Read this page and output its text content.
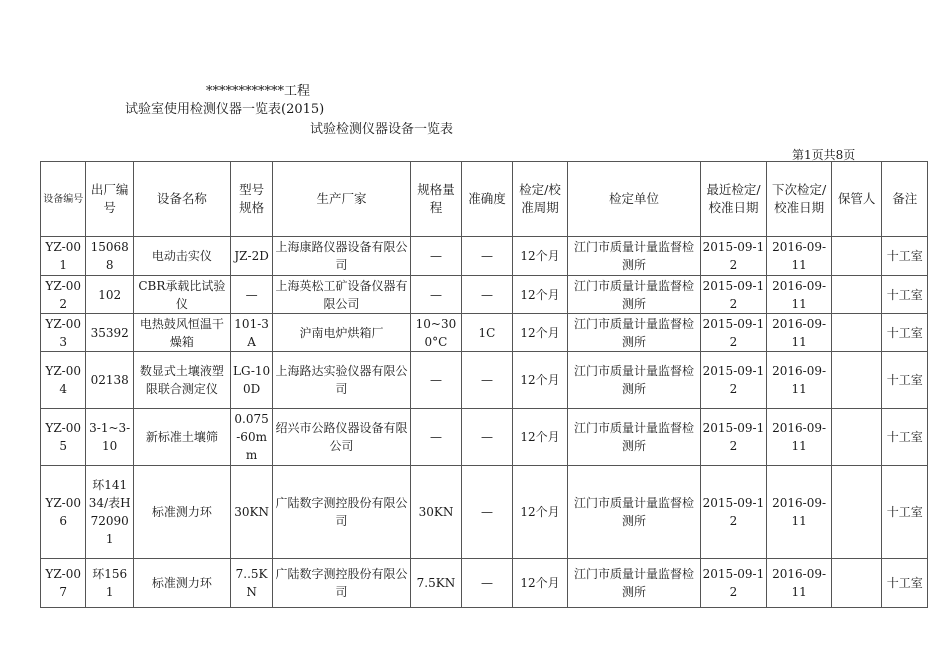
************工程
试验室使用检测仪器一览表(2015)
试验检测仪器设备一览表
第1页共8页
设备编号	出厂编号	设备名称	型号规格	生产厂家	规格量程	准确度	检定/校准周期	检定单位	最近检定/校准日期	下次检定/校准日期	保管人	备注
YZ-001	150688	电动击实仪	JZ-2D	上海康路仪器设备有限公司	—	—	12个月	江门市质量计量监督检测所	2015-09-12	2016-09-11		十工室
YZ-002	102	CBR承载比试验仪	—	上海英松工矿设备仪器有限公司	—	—	12个月	江门市质量计量监督检测所	2015-09-12	2016-09-11		十工室
YZ-003	35392	电热鼓风恒温干燥箱	101-3A	沪南电炉烘箱厂	10~300°C	1C	12个月	江门市质量计量监督检测所	2015-09-12	2016-09-11		十工室
YZ-004	02138	数显式土壤液塑限联合测定仪	LG-100D	上海路达实验仪器有限公司	—	—	12个月	江门市质量计量监督检测所	2015-09-12	2016-09-11		十工室
YZ-005	3-1~3-10	新标准土壤筛	0.075-60mm	绍兴市公路仪器设备有限公司	—	—	12个月	江门市质量计量监督检测所	2015-09-12	2016-09-11		十工室
YZ-006	环14134/表H720901	标准测力环	30KN	广陆数字测控股份有限公司	30KN	—	12个月	江门市质量计量监督检测所	2015-09-12	2016-09-11		十工室
YZ-007	环1561	标准测力环	7..5KN	广陆数字测控股份有限公司	7.5KN	—	12个月	江门市质量计量监督检测所	2015-09-12	2016-09-11		十工室
